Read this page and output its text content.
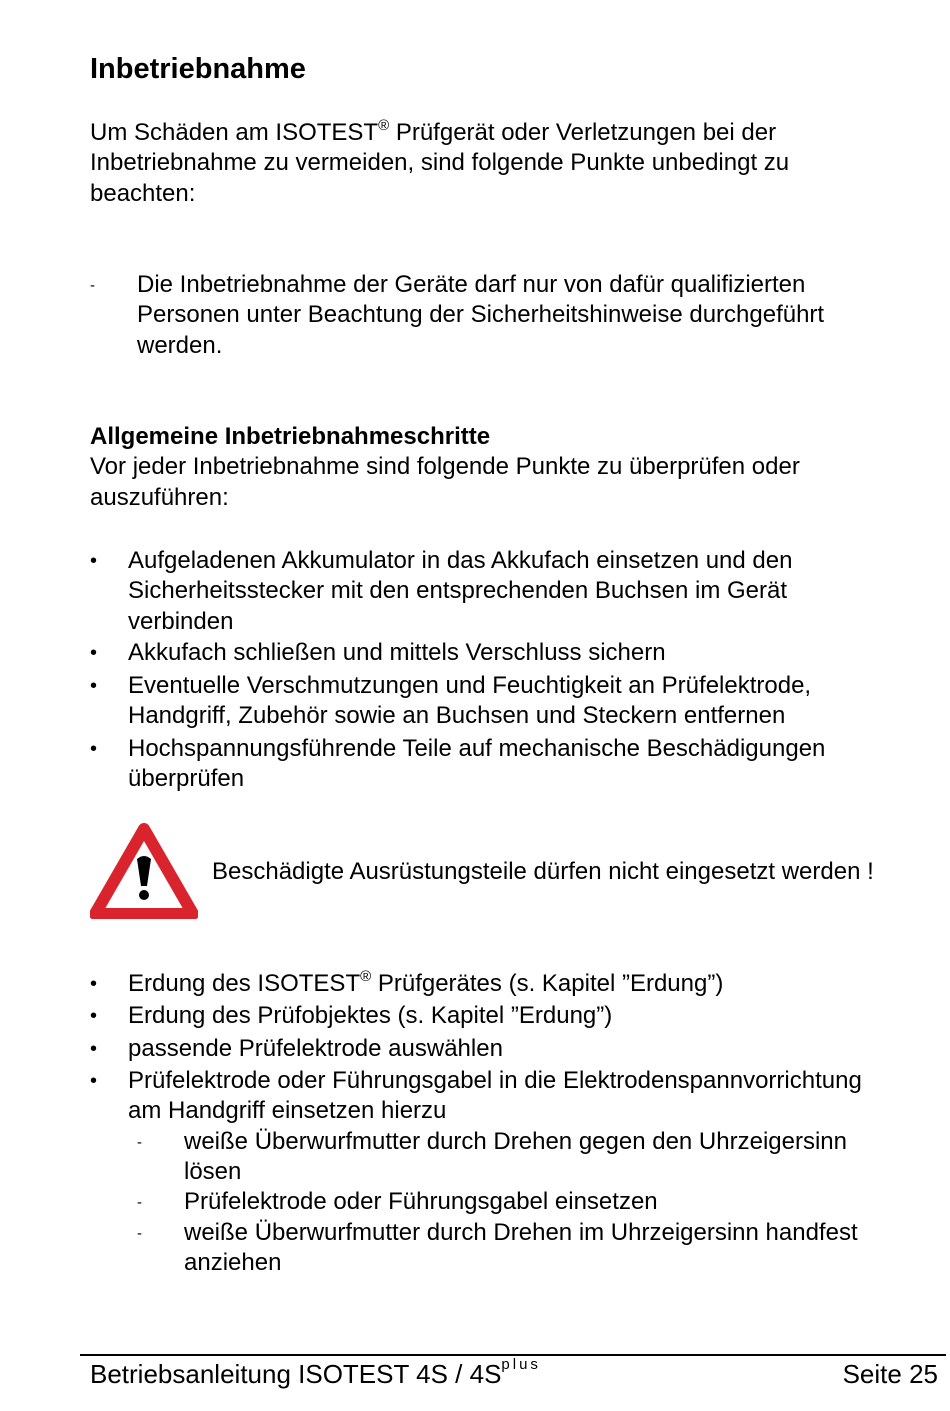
Inbetriebnahme
Um Schäden am ISOTEST® Prüfgerät oder Verletzungen bei der
Inbetriebnahme zu vermeiden, sind folgende Punkte unbedingt zu
beachten:
- Die Inbetriebnahme der Geräte darf nur von dafür qualifizierten
Personen unter Beachtung der Sicherheitshinweise durchgeführt
werden.
Allgemeine Inbetriebnahmeschritte
Vor jeder Inbetriebnahme sind folgende Punkte zu überprüfen oder
auszuführen:
• Aufgeladenen Akkumulator in das Akkufach einsetzen und den
Sicherheitsstecker mit den entsprechenden Buchsen im Gerät
verbinden
• Akkufach schließen und mittels Verschluss sichern
• Eventuelle Verschmutzungen und Feuchtigkeit an Prüfelektrode,
Handgriff, Zubehör sowie an Buchsen und Steckern entfernen
• Hochspannungsführende Teile auf mechanische Beschädigungen
überprüfen
Beschädigte Ausrüstungsteile dürfen nicht eingesetzt werden !
• Erdung des ISOTEST® Prüfgerätes (s. Kapitel ”Erdung”)
• Erdung des Prüfobjektes (s. Kapitel ”Erdung”)
• passende Prüfelektrode auswählen
• Prüfelektrode oder Führungsgabel in die Elektrodenspannvorrichtung
am Handgriff einsetzen hierzu
- weiße Überwurfmutter durch Drehen gegen den Uhrzeigersinn
lösen
- Prüfelektrode oder Führungsgabel einsetzen
- weiße Überwurfmutter durch Drehen im Uhrzeigersinn handfest
anziehen
Betriebsanleitung ISOTEST $4S / 4S^{plus}$	Seite 25
